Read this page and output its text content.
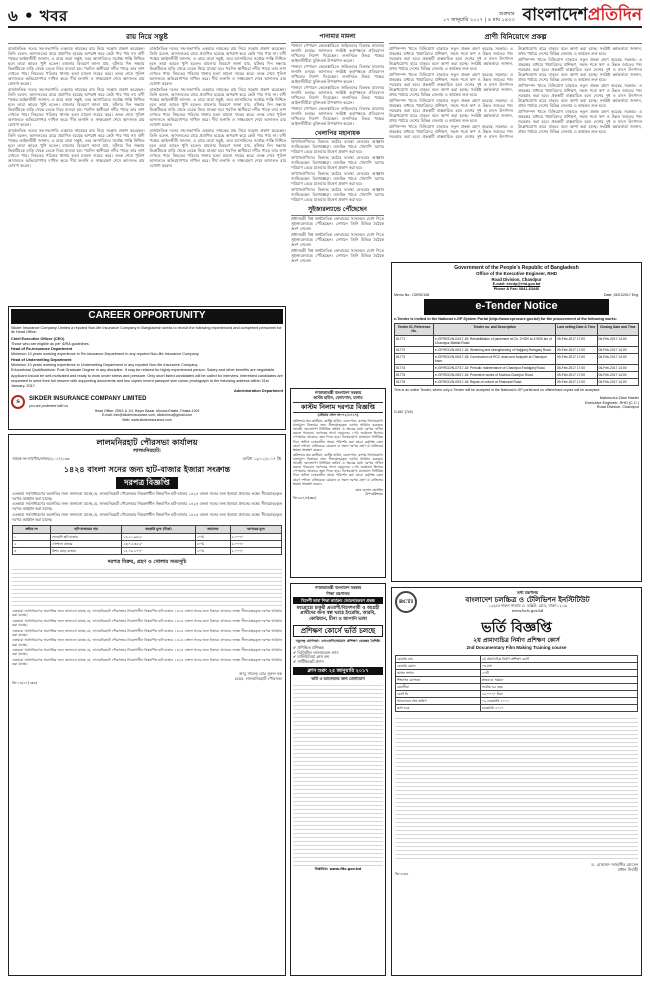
৬ • খবর	শুক্রবার
১৭ জানুয়ারি ২০১৭ | ৪ মাঘ ১৪২৩ বাংলাদেশপ্রতিদিন
রায় নিয়ে সন্তুষ্ট

রাজনৈতিক দলের সহ-সভাপতি একমাত্র নায়কের রায় নিয়ে সন্তোষ প্রকাশ করেছেন। তিনি বলেন, আদালতের রায়ে প্রমাণিত হয়েছে অপরাধ করে কেউ পার পায় না। বাদী পক্ষের আইনজীবী জানান, এ রায়ে তারা সন্তুষ্ট, তবে আসামিদের সর্বোচ্চ শাস্তি নিশ্চিত হলে তারা আরও খুশি হতেন। মামলার বিবরণে জানা যায়, ঘটনার দিন সন্ধ্যায় ভিকটিমকে বাড়ি থেকে ডেকে নিয়ে যাওয়া হয়। পরদিন স্থানীয়রা নদীর পাড়ে তার লাশ দেখতে পায়। নিহতের পরিবার থানায় হত্যা মামলা দায়ের করে। তদন্ত শেষে পুলিশ আদালতে অভিযোগপত্র দাখিল করে। দীর্ঘ শুনানি ও সাক্ষ্যগ্রহণ শেষে আদালত রায় ঘোষণা করেন।

রাজনৈতিক দলের সহ-সভাপতি একমাত্র নায়কের রায় নিয়ে সন্তোষ প্রকাশ করেছেন। তিনি বলেন, আদালতের রায়ে প্রমাণিত হয়েছে অপরাধ করে কেউ পার পায় না। বাদী পক্ষের আইনজীবী জানান, এ রায়ে তারা সন্তুষ্ট, তবে আসামিদের সর্বোচ্চ শাস্তি নিশ্চিত হলে তারা আরও খুশি হতেন। মামলার বিবরণে জানা যায়, ঘটনার দিন সন্ধ্যায় ভিকটিমকে বাড়ি থেকে ডেকে নিয়ে যাওয়া হয়। পরদিন স্থানীয়রা নদীর পাড়ে তার লাশ দেখতে পায়। নিহতের পরিবার থানায় হত্যা মামলা দায়ের করে। তদন্ত শেষে পুলিশ আদালতে অভিযোগপত্র দাখিল করে। দীর্ঘ শুনানি ও সাক্ষ্যগ্রহণ শেষে আদালত রায় ঘোষণা করেন।

রাজনৈতিক দলের সহ-সভাপতি একমাত্র নায়কের রায় নিয়ে সন্তোষ প্রকাশ করেছেন। তিনি বলেন, আদালতের রায়ে প্রমাণিত হয়েছে অপরাধ করে কেউ পার পায় না। বাদী পক্ষের আইনজীবী জানান, এ রায়ে তারা সন্তুষ্ট, তবে আসামিদের সর্বোচ্চ শাস্তি নিশ্চিত হলে তারা আরও খুশি হতেন। মামলার বিবরণে জানা যায়, ঘটনার দিন সন্ধ্যায় ভিকটিমকে বাড়ি থেকে ডেকে নিয়ে যাওয়া হয়। পরদিন স্থানীয়রা নদীর পাড়ে তার লাশ দেখতে পায়। নিহতের পরিবার থানায় হত্যা মামলা দায়ের করে। তদন্ত শেষে পুলিশ আদালতে অভিযোগপত্র দাখিল করে। দীর্ঘ শুনানি ও সাক্ষ্যগ্রহণ শেষে আদালত রায় ঘোষণা করেন।

রাজনৈতিক দলের সহ-সভাপতি একমাত্র নায়কের রায় নিয়ে সন্তোষ প্রকাশ করেছেন। তিনি বলেন, আদালতের রায়ে প্রমাণিত হয়েছে অপরাধ করে কেউ পার পায় না। বাদী পক্ষের আইনজীবী জানান, এ রায়ে তারা সন্তুষ্ট, তবে আসামিদের সর্বোচ্চ শাস্তি নিশ্চিত হলে তারা আরও খুশি হতেন। মামলার বিবরণে জানা যায়, ঘটনার দিন সন্ধ্যায় ভিকটিমকে বাড়ি থেকে ডেকে নিয়ে যাওয়া হয়। পরদিন স্থানীয়রা নদীর পাড়ে তার লাশ দেখতে পায়। নিহতের পরিবার থানায় হত্যা মামলা দায়ের করে। তদন্ত শেষে পুলিশ আদালতে অভিযোগপত্র দাখিল করে। দীর্ঘ শুনানি ও সাক্ষ্যগ্রহণ শেষে আদালত রায় ঘোষণা করেন।

রাজনৈতিক দলের সহ-সভাপতি একমাত্র নায়কের রায় নিয়ে সন্তোষ প্রকাশ করেছেন। তিনি বলেন, আদালতের রায়ে প্রমাণিত হয়েছে অপরাধ করে কেউ পার পায় না। বাদী পক্ষের আইনজীবী জানান, এ রায়ে তারা সন্তুষ্ট, তবে আসামিদের সর্বোচ্চ শাস্তি নিশ্চিত হলে তারা আরও খুশি হতেন। মামলার বিবরণে জানা যায়, ঘটনার দিন সন্ধ্যায় ভিকটিমকে বাড়ি থেকে ডেকে নিয়ে যাওয়া হয়। পরদিন স্থানীয়রা নদীর পাড়ে তার লাশ দেখতে পায়। নিহতের পরিবার থানায় হত্যা মামলা দায়ের করে। তদন্ত শেষে পুলিশ আদালতে অভিযোগপত্র দাখিল করে। দীর্ঘ শুনানি ও সাক্ষ্যগ্রহণ শেষে আদালত রায় ঘোষণা করেন।

রাজনৈতিক দলের সহ-সভাপতি একমাত্র নায়কের রায় নিয়ে সন্তোষ প্রকাশ করেছেন। তিনি বলেন, আদালতের রায়ে প্রমাণিত হয়েছে অপরাধ করে কেউ পার পায় না। বাদী পক্ষের আইনজীবী জানান, এ রায়ে তারা সন্তুষ্ট, তবে আসামিদের সর্বোচ্চ শাস্তি নিশ্চিত হলে তারা আরও খুশি হতেন। মামলার বিবরণে জানা যায়, ঘটনার দিন সন্ধ্যায় ভিকটিমকে বাড়ি থেকে ডেকে নিয়ে যাওয়া হয়। পরদিন স্থানীয়রা নদীর পাড়ে তার লাশ দেখতে পায়। নিহতের পরিবার থানায় হত্যা মামলা দায়ের করে। তদন্ত শেষে পুলিশ আদালতে অভিযোগপত্র দাখিল করে। দীর্ঘ শুনানি ও সাক্ষ্যগ্রহণ শেষে আদালত রায় ঘোষণা করেন।

পানামার মামলা

পানামা পেপারস কেলেঙ্কারিতে জড়িতদের বিরুদ্ধে মামলার শুনানি চলছে। আদালত সংশ্লিষ্ট কর্তৃপক্ষকে প্রতিবেদন দাখিলের নির্দেশ দিয়েছেন। শুনানিতে উভয় পক্ষের আইনজীবীরা যুক্তিতর্ক উপস্থাপন করেন।

পানামা পেপারস কেলেঙ্কারিতে জড়িতদের বিরুদ্ধে মামলার শুনানি চলছে। আদালত সংশ্লিষ্ট কর্তৃপক্ষকে প্রতিবেদন দাখিলের নির্দেশ দিয়েছেন। শুনানিতে উভয় পক্ষের আইনজীবীরা যুক্তিতর্ক উপস্থাপন করেন।

পানামা পেপারস কেলেঙ্কারিতে জড়িতদের বিরুদ্ধে মামলার শুনানি চলছে। আদালত সংশ্লিষ্ট কর্তৃপক্ষকে প্রতিবেদন দাখিলের নির্দেশ দিয়েছেন। শুনানিতে উভয় পক্ষের আইনজীবীরা যুক্তিতর্ক উপস্থাপন করেন।

পানামা পেপারস কেলেঙ্কারিতে জড়িতদের বিরুদ্ধে মামলার শুনানি চলছে। আদালত সংশ্লিষ্ট কর্তৃপক্ষকে প্রতিবেদন দাখিলের নির্দেশ দিয়েছেন। শুনানিতে উভয় পক্ষের আইনজীবীরা যুক্তিতর্ক উপস্থাপন করেন।

খেলাপির মহানায়ক

ঋণখেলাপিদের বিরুদ্ধে কঠোর ব্যবস্থা নেওয়ার আহ্বান জানিয়েছেন বিশেষজ্ঞরা। ব্যাংকিং খাতে খেলাপি ঋণের পরিমাণ বেড়ে যাওয়ায় উদ্বেগ প্রকাশ করা হয়।

ঋণখেলাপিদের বিরুদ্ধে কঠোর ব্যবস্থা নেওয়ার আহ্বান জানিয়েছেন বিশেষজ্ঞরা। ব্যাংকিং খাতে খেলাপি ঋণের পরিমাণ বেড়ে যাওয়ায় উদ্বেগ প্রকাশ করা হয়।

ঋণখেলাপিদের বিরুদ্ধে কঠোর ব্যবস্থা নেওয়ার আহ্বান জানিয়েছেন বিশেষজ্ঞরা। ব্যাংকিং খাতে খেলাপি ঋণের পরিমাণ বেড়ে যাওয়ায় উদ্বেগ প্রকাশ করা হয়।

ঋণখেলাপিদের বিরুদ্ধে কঠোর ব্যবস্থা নেওয়ার আহ্বান জানিয়েছেন বিশেষজ্ঞরা। ব্যাংকিং খাতে খেলাপি ঋণের পরিমাণ বেড়ে যাওয়ায় উদ্বেগ প্রকাশ করা হয়।

সুইজারল্যান্ডে পৌঁছেছেন

প্রধানমন্ত্রী বিশ্ব অর্থনৈতিক ফোরামের সম্মেলনে যোগ দিতে সুইজারল্যান্ডে পৌঁছেছেন। সেখানে তিনি বিভিন্ন বৈঠকে অংশ নেবেন।

প্রধানমন্ত্রী বিশ্ব অর্থনৈতিক ফোরামের সম্মেলনে যোগ দিতে সুইজারল্যান্ডে পৌঁছেছেন। সেখানে তিনি বিভিন্ন বৈঠকে অংশ নেবেন।

প্রধানমন্ত্রী বিশ্ব অর্থনৈতিক ফোরামের সম্মেলনে যোগ দিতে সুইজারল্যান্ডে পৌঁছেছেন। সেখানে তিনি বিভিন্ন বৈঠকে অংশ নেবেন।

প্রাণী বিনিয়োগে প্রকল্প

প্রাণিসম্পদ খাতে বিনিয়োগ বাড়াতে নতুন প্রকল্প গ্রহণ করেছে সরকার। এ প্রকল্পের মাধ্যমে খামারিদের প্রশিক্ষণ, সহজ শর্তে ঋণ ও উন্নত জাতের পশু সরবরাহ করা হবে। প্রকল্পটি বাস্তবায়িত হলে দেশের দুধ ও মাংস উৎপাদন উল্লেখযোগ্য হারে বাড়বে বলে আশা করা হচ্ছে। সংশ্লিষ্ট কর্মকর্তারা জানান, প্রথম পর্যায়ে দেশের বিভিন্ন জেলায় এ কার্যক্রম শুরু হবে।

প্রাণিসম্পদ খাতে বিনিয়োগ বাড়াতে নতুন প্রকল্প গ্রহণ করেছে সরকার। এ প্রকল্পের মাধ্যমে খামারিদের প্রশিক্ষণ, সহজ শর্তে ঋণ ও উন্নত জাতের পশু সরবরাহ করা হবে। প্রকল্পটি বাস্তবায়িত হলে দেশের দুধ ও মাংস উৎপাদন উল্লেখযোগ্য হারে বাড়বে বলে আশা করা হচ্ছে। সংশ্লিষ্ট কর্মকর্তারা জানান, প্রথম পর্যায়ে দেশের বিভিন্ন জেলায় এ কার্যক্রম শুরু হবে।

প্রাণিসম্পদ খাতে বিনিয়োগ বাড়াতে নতুন প্রকল্প গ্রহণ করেছে সরকার। এ প্রকল্পের মাধ্যমে খামারিদের প্রশিক্ষণ, সহজ শর্তে ঋণ ও উন্নত জাতের পশু সরবরাহ করা হবে। প্রকল্পটি বাস্তবায়িত হলে দেশের দুধ ও মাংস উৎপাদন উল্লেখযোগ্য হারে বাড়বে বলে আশা করা হচ্ছে। সংশ্লিষ্ট কর্মকর্তারা জানান, প্রথম পর্যায়ে দেশের বিভিন্ন জেলায় এ কার্যক্রম শুরু হবে।

প্রাণিসম্পদ খাতে বিনিয়োগ বাড়াতে নতুন প্রকল্প গ্রহণ করেছে সরকার। এ প্রকল্পের মাধ্যমে খামারিদের প্রশিক্ষণ, সহজ শর্তে ঋণ ও উন্নত জাতের পশু সরবরাহ করা হবে। প্রকল্পটি বাস্তবায়িত হলে দেশের দুধ ও মাংস উৎপাদন উল্লেখযোগ্য হারে বাড়বে বলে আশা করা হচ্ছে। সংশ্লিষ্ট কর্মকর্তারা জানান, প্রথম পর্যায়ে দেশের বিভিন্ন জেলায় এ কার্যক্রম শুরু হবে।

প্রাণিসম্পদ খাতে বিনিয়োগ বাড়াতে নতুন প্রকল্প গ্রহণ করেছে সরকার। এ প্রকল্পের মাধ্যমে খামারিদের প্রশিক্ষণ, সহজ শর্তে ঋণ ও উন্নত জাতের পশু সরবরাহ করা হবে। প্রকল্পটি বাস্তবায়িত হলে দেশের দুধ ও মাংস উৎপাদন উল্লেখযোগ্য হারে বাড়বে বলে আশা করা হচ্ছে। সংশ্লিষ্ট কর্মকর্তারা জানান, প্রথম পর্যায়ে দেশের বিভিন্ন জেলায় এ কার্যক্রম শুরু হবে।

প্রাণিসম্পদ খাতে বিনিয়োগ বাড়াতে নতুন প্রকল্প গ্রহণ করেছে সরকার। এ প্রকল্পের মাধ্যমে খামারিদের প্রশিক্ষণ, সহজ শর্তে ঋণ ও উন্নত জাতের পশু সরবরাহ করা হবে। প্রকল্পটি বাস্তবায়িত হলে দেশের দুধ ও মাংস উৎপাদন উল্লেখযোগ্য হারে বাড়বে বলে আশা করা হচ্ছে। সংশ্লিষ্ট কর্মকর্তারা জানান, প্রথম পর্যায়ে দেশের বিভিন্ন জেলায় এ কার্যক্রম শুরু হবে।

প্রাণিসম্পদ খাতে বিনিয়োগ বাড়াতে নতুন প্রকল্প গ্রহণ করেছে সরকার। এ প্রকল্পের মাধ্যমে খামারিদের প্রশিক্ষণ, সহজ শর্তে ঋণ ও উন্নত জাতের পশু সরবরাহ করা হবে। প্রকল্পটি বাস্তবায়িত হলে দেশের দুধ ও মাংস উৎপাদন উল্লেখযোগ্য হারে বাড়বে বলে আশা করা হচ্ছে। সংশ্লিষ্ট কর্মকর্তারা জানান, প্রথম পর্যায়ে দেশের বিভিন্ন জেলায় এ কার্যক্রম শুরু হবে।

CAREER OPPORTUNITY
Sikder Insurance Company Limited a reputed Non-life Insurance Company in Bangladesh seeks to recruit the following experienced and competent personnel for its Head Office:
Chief Executive Officer (CEO)
Those who are eligible as per IDRA guidelines.
Head of Re-insurance Department
Minimum 10 years working experience in Re-insurance Department in any reputed Non-life Insurance Company.
Head of Underwriting Department
Minimum 10 years working experience in Underwriting Department in any reputed Non-life Insurance Company.
Educational Qualifications: Post Graduate Degree in any discipline. It may be relaxed for highly experienced person. Salary and other benefits are negotiable.
Applicant should be self-motivated and ready to work under stress and pressure. Only short listed candidates will be called for interview. Interested candidates are requested to send their full resume with supporting documents and two copies recent passport size colour photograph to the following address within 31st January, 2017.
Administration Department
S	SIKDER INSURANCE COMPANY LIMITED
you are protected with us
Head Office: 255/1 & 1/4, Rayer Bazar, Monica Estate, Dhaka-1209
E-mail: info@sikderinsurance.com, sikderinsu@gmail.com
Web: www.sikderinsurance.com
গণপ্রজাতন্ত্রী বাংলাদেশ সরকার
কাস্টম হাউস, বেনাপোল, যশোর
কাস্টম নিলাম দরপত্র বিজ্ঞপ্তি
(টেন্ডার সেল নং-০২/২০১৭)

কমিশনার অব কাস্টমস, কাস্টম হাউস, বেনাপোল, যশোর নিলামযোগ্য মালামাল বিক্রয়ের জন্য সীলমোহরকৃত দরপত্র আহ্বান করছেন। আগ্রহী দরদাতাগণ নির্ধারিত তারিখ ও সময়ের মধ্যে দরপত্র দাখিল করতে পারবেন। দরপত্রের সাথে দরমূল্যের ১০% জামানত হিসেবে পে-অর্ডার আকারে জমা দিতে হবে। নিলামযোগ্য মালামাল নির্ধারিত দিনে অফিস চলাকালীন সময়ে পরিদর্শন করা যাবে। কর্তৃপক্ষ কোন কারণ দর্শানো ব্যতিরেকে যেকোন বা সকল দরপত্র গ্রহণ বা বাতিলের ক্ষমতা সংরক্ষণ করেন।

কমিশনার অব কাস্টমস, কাস্টম হাউস, বেনাপোল, যশোর নিলামযোগ্য মালামাল বিক্রয়ের জন্য সীলমোহরকৃত দরপত্র আহ্বান করছেন। আগ্রহী দরদাতাগণ নির্ধারিত তারিখ ও সময়ের মধ্যে দরপত্র দাখিল করতে পারবেন। দরপত্রের সাথে দরমূল্যের ১০% জামানত হিসেবে পে-অর্ডার আকারে জমা দিতে হবে। নিলামযোগ্য মালামাল নির্ধারিত দিনে অফিস চলাকালীন সময়ে পরিদর্শন করা যাবে। কর্তৃপক্ষ কোন কারণ দর্শানো ব্যতিরেকে যেকোন বা সকল দরপত্র গ্রহণ বা বাতিলের ক্ষমতা সংরক্ষণ করেন।

মোঃ বেলাল হোসাইন
উপ-কমিশনার
জি-৬৬৭/৩(৩x৪)
Government of the People's Republic of Bangladesh
Office of the Executive Engineer, RHD
Road Division, Chandpur
E-mail: eecdp@rhd.gov.bd
Phone & Fax: 0841-63440
Memo No.: CDRD/108	Date: 15/01/2017 Eng.
e-Tender Notice
e-Tender is invited in the National e-GP System Portal (http://www.eprocure.gov.bd) for the procurement of the following works:
Tender ID, Reference No.	Tender no. and Description	Last selling Date & Time	Closing Date and Time
81771	e-GP/RCD/N-04/17-18: Rehabilitation of pavement at Ch. 2+000 to 3+500 km of Chandpur-Matlab Road.	05-Feb-2017 17:00	06-Feb-2017 14:00
81772	e-GP/RCD/N-05/17-18: Widening and strengthening of Hajiganj-Ramganj Road.	05-Feb-2017 17:00	06-Feb-2017 14:00
81773	e-GP/RCD/N-06/17-18: Construction of RCC drain and footpath at Chandpur town.	05-Feb-2017 17:00	06-Feb-2017 14:00
81774	e-GP/RCD/N-07/17-18: Periodic maintenance of Chandpur-Faridganj Road.	05-Feb-2017 17:00	06-Feb-2017 14:00
81775	e-GP/RCD/N-08/17-18: Protective works of Kachua-Gouripur Road.	05-Feb-2017 17:00	06-Feb-2017 14:00
81776	e-GP/RCD/N-09/17-18: Repair of culvert at Shahrasti Road.	05-Feb-2017 17:00	06-Feb-2017 14:00
This is an online Tender, where only e-Tender will be accepted in the National e-GP portal and no offline/hard copies will be accepted.
Mahmudul Ziaul Haider
Executive Engineer, RHD (C.C.)
Road Division, Chandpur
G-667 (7x3)
লালমনিরহাট পৌরসভা কার্যালয়
লালমনিরহাট।
স্মারক নং-লাপৌস/লালম/২০১৭/১৩৬	তারিখ ১২/০১/২০১৭ খ্রি.
১৪২৪ বাংলা সনের জন্য হাট-বাজার ইজারা সংক্রান্ত
দরপত্র বিজ্ঞপ্তি

এতদ্বারা সর্বসাধারণের অবগতির জন্য জানানো যাচ্ছে যে, লালমনিরহাট পৌরসভার নিয়ন্ত্রণাধীন নিম্নবর্ণিত হাট-বাজার ১৪২৪ বাংলা সনের জন্য ইজারা প্রদানের লক্ষ্যে সীলমোহরকৃত দরপত্র আহ্বান করা যাচ্ছে।

এতদ্বারা সর্বসাধারণের অবগতির জন্য জানানো যাচ্ছে যে, লালমনিরহাট পৌরসভার নিয়ন্ত্রণাধীন নিম্নবর্ণিত হাট-বাজার ১৪২৪ বাংলা সনের জন্য ইজারা প্রদানের লক্ষ্যে সীলমোহরকৃত দরপত্র আহ্বান করা যাচ্ছে।

এতদ্বারা সর্বসাধারণের অবগতির জন্য জানানো যাচ্ছে যে, লালমনিরহাট পৌরসভার নিয়ন্ত্রণাধীন নিম্নবর্ণিত হাট-বাজার ১৪২৪ বাংলা সনের জন্য ইজারা প্রদানের লক্ষ্যে সীলমোহরকৃত দরপত্র আহ্বান করা যাচ্ছে।

ক্রমিক নং	হাট-বাজারের নাম	সরকারি মূল্য (টাকা)	জামানত	দরপত্রের মূল্য
১	লালমনি হাট-বাজার	১৪,২১,৯৬১/-	২০%	৫,০০০/-
২	গোশালা বাজার	২৩,৭৫,৩৫১/-	২০%	৫,০০০/-
৩	মিশন মোড় বাজার	১৫,৭৬,২৭০/-	২০%	৫,০০০/-
দরপত্র বিক্রয়, গ্রহণ ও খোলার সময়সূচি

এতদ্বারা সর্বসাধারণের অবগতির জন্য জানানো যাচ্ছে যে, লালমনিরহাট পৌরসভার নিয়ন্ত্রণাধীন নিম্নবর্ণিত হাট-বাজার ১৪২৪ বাংলা সনের জন্য ইজারা প্রদানের লক্ষ্যে সীলমোহরকৃত দরপত্র আহ্বান করা যাচ্ছে।

এতদ্বারা সর্বসাধারণের অবগতির জন্য জানানো যাচ্ছে যে, লালমনিরহাট পৌরসভার নিয়ন্ত্রণাধীন নিম্নবর্ণিত হাট-বাজার ১৪২৪ বাংলা সনের জন্য ইজারা প্রদানের লক্ষ্যে সীলমোহরকৃত দরপত্র আহ্বান করা যাচ্ছে।

এতদ্বারা সর্বসাধারণের অবগতির জন্য জানানো যাচ্ছে যে, লালমনিরহাট পৌরসভার নিয়ন্ত্রণাধীন নিম্নবর্ণিত হাট-বাজার ১৪২৪ বাংলা সনের জন্য ইজারা প্রদানের লক্ষ্যে সীলমোহরকৃত দরপত্র আহ্বান করা যাচ্ছে।

এতদ্বারা সর্বসাধারণের অবগতির জন্য জানানো যাচ্ছে যে, লালমনিরহাট পৌরসভার নিয়ন্ত্রণাধীন নিম্নবর্ণিত হাট-বাজার ১৪২৪ বাংলা সনের জন্য ইজারা প্রদানের লক্ষ্যে সীলমোহরকৃত দরপত্র আহ্বান করা যাচ্ছে।

এতদ্বারা সর্বসাধারণের অবগতির জন্য জানানো যাচ্ছে যে, লালমনিরহাট পৌরসভার নিয়ন্ত্রণাধীন নিম্নবর্ণিত হাট-বাজার ১৪২৪ বাংলা সনের জন্য ইজারা প্রদানের লক্ষ্যে সীলমোহরকৃত দরপত্র আহ্বান করা যাচ্ছে।

এতদ্বারা সর্বসাধারণের অবগতির জন্য জানানো যাচ্ছে যে, লালমনিরহাট পৌরসভার নিয়ন্ত্রণাধীন নিম্নবর্ণিত হাট-বাজার ১৪২৪ বাংলা সনের জন্য ইজারা প্রদানের লক্ষ্যে সীলমোহরকৃত দরপত্র আহ্বান করা যাচ্ছে।

আবু সালেহ মোঃ নুরুল হক
মেয়র, লালমনিরহাট পৌরসভা
জি-১৩/২৭(১x৩)
গণপ্রজাতন্ত্রী বাংলাদেশ সরকার
শিক্ষা মন্ত্রণালয়
বিদেশী ভাষা শিক্ষা কার্যক্রম জোরদারকরণ প্রকল্প
মধ্যপ্রাচ্যে চাকুরী প্রত্যাশী/বিদেশগামী ও আগ্রহী প্রার্থীদের জন্য স্বল্প খরচে ইংরেজি, আরবি, কোরিয়ান, চীনা ও জাপানি ভাষা
প্রশিক্ষণ কোর্সে ভর্তি চলছে
নতুনত্ব যোগ্যতা: এসএসসি/সমমান প্রশিক্ষণ কেন্দ্রের বৈশিষ্ট্য
✔ প্রশিক্ষিত প্রশিক্ষক
✔ ডিজিটাল ল্যাংগুয়েজ ল্যাব
✔ মাল্টিমিডিয়া ক্লাস রুম
✔ সার্টিফিকেট প্রদান
ক্লাস শুরু: ২৫ জানুয়ারি ২০১৭
ভর্তি ও আবেদনের জন্য যোগাযোগ
বিস্তারিত: www.fltc.gov.bd
BCTI
তথ্য মন্ত্রণালয়
বাংলাদেশ চলচ্চিত্র ও টেলিভিশন ইনস্টিটিউট
১২৫/এ দারুস সালাম এ. ডব্লিউ. রোড, ঢাকা-১২১৬
www.bcti.gov.bd
ভর্তি বিজ্ঞপ্তি
২য় প্রামাণ্যচিত্র নির্মাণ প্রশিক্ষণ কোর্স
2nd Documentary Film Making Training course
কোর্সের নাম	২য় প্রামাণ্যচিত্র নির্মাণ প্রশিক্ষণ কোর্স
কোর্সের মেয়াদ	০৩ মাস
আসন সংখ্যা	২০টি
শিক্ষাগত যোগ্যতা	স্নাতক বা সমমান
বয়সসীমা	সর্বোচ্চ ৩৫ বছর
কোর্স ফি	২৫,০০০/- টাকা
আবেদনের শেষ তারিখ	০৯ ফেব্রুয়ারি ২০১৭
ক্লাস শুরু	ফেব্রুয়ারি ২০১৭
ড. মোহাম্মদ জাহাঙ্গীর হোসেন
প্রধান নির্বাহী
জি-৬৩/৩
